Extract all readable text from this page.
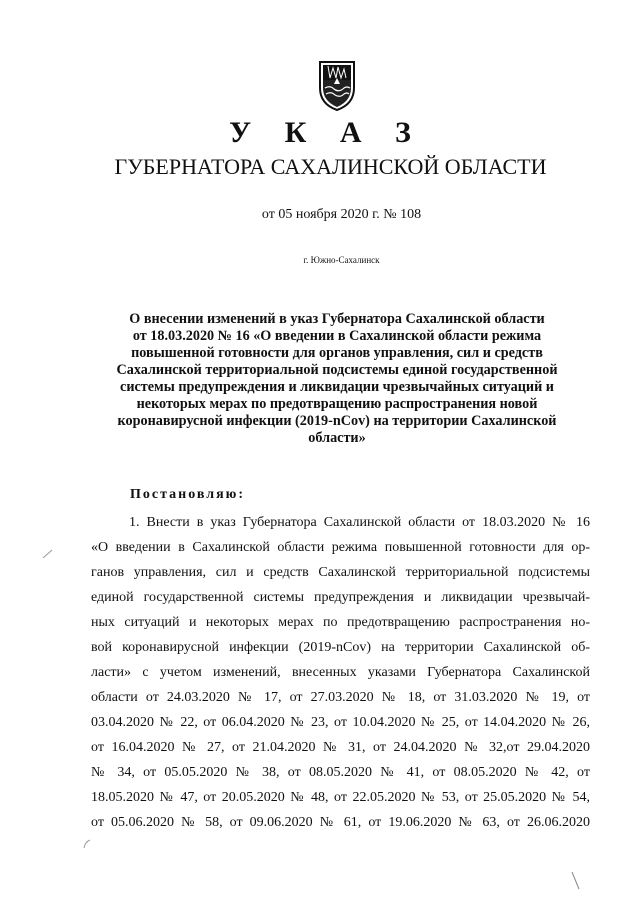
У К А З
ГУБЕРНАТОРА САХАЛИНСКОЙ ОБЛАСТИ
от 05 ноября 2020 г. № 108
г. Южно-Сахалинск
О внесении изменений в указ Губернатора Сахалинской области
от 18.03.2020 № 16 «О введении в Сахалинской области режима
повышенной готовности для органов управления, сил и средств
Сахалинской территориальной подсистемы единой государственной
системы предупреждения и ликвидации чрезвычайных ситуаций и
некоторых мерах по предотвращению распространения новой
коронавирусной инфекции (2019-nCov) на территории Сахалинской
области»
Постановляю:
1. Внести в указ Губернатора Сахалинской области от 18.03.2020 № 16
«О введении в Сахалинской области режима повышенной готовности для ор-
ганов управления, сил и средств Сахалинской территориальной подсистемы
единой государственной системы предупреждения и ликвидации чрезвычай-
ных ситуаций и некоторых мерах по предотвращению распространения но-
вой коронавирусной инфекции (2019-nCov) на территории Сахалинской об-
ласти» с учетом изменений, внесенных указами Губернатора Сахалинской
области от 24.03.2020 № 17, от 27.03.2020 № 18, от 31.03.2020 № 19, от
03.04.2020 № 22, от 06.04.2020 № 23, от 10.04.2020 № 25, от 14.04.2020 № 26,
от 16.04.2020 № 27, от 21.04.2020 № 31, от 24.04.2020 № 32,от 29.04.2020
№ 34, от 05.05.2020 № 38, от 08.05.2020 № 41, от 08.05.2020 № 42, от
18.05.2020 № 47, от 20.05.2020 № 48, от 22.05.2020 № 53, от 25.05.2020 № 54,
от 05.06.2020 № 58, от 09.06.2020 № 61, от 19.06.2020 № 63, от 26.06.2020
